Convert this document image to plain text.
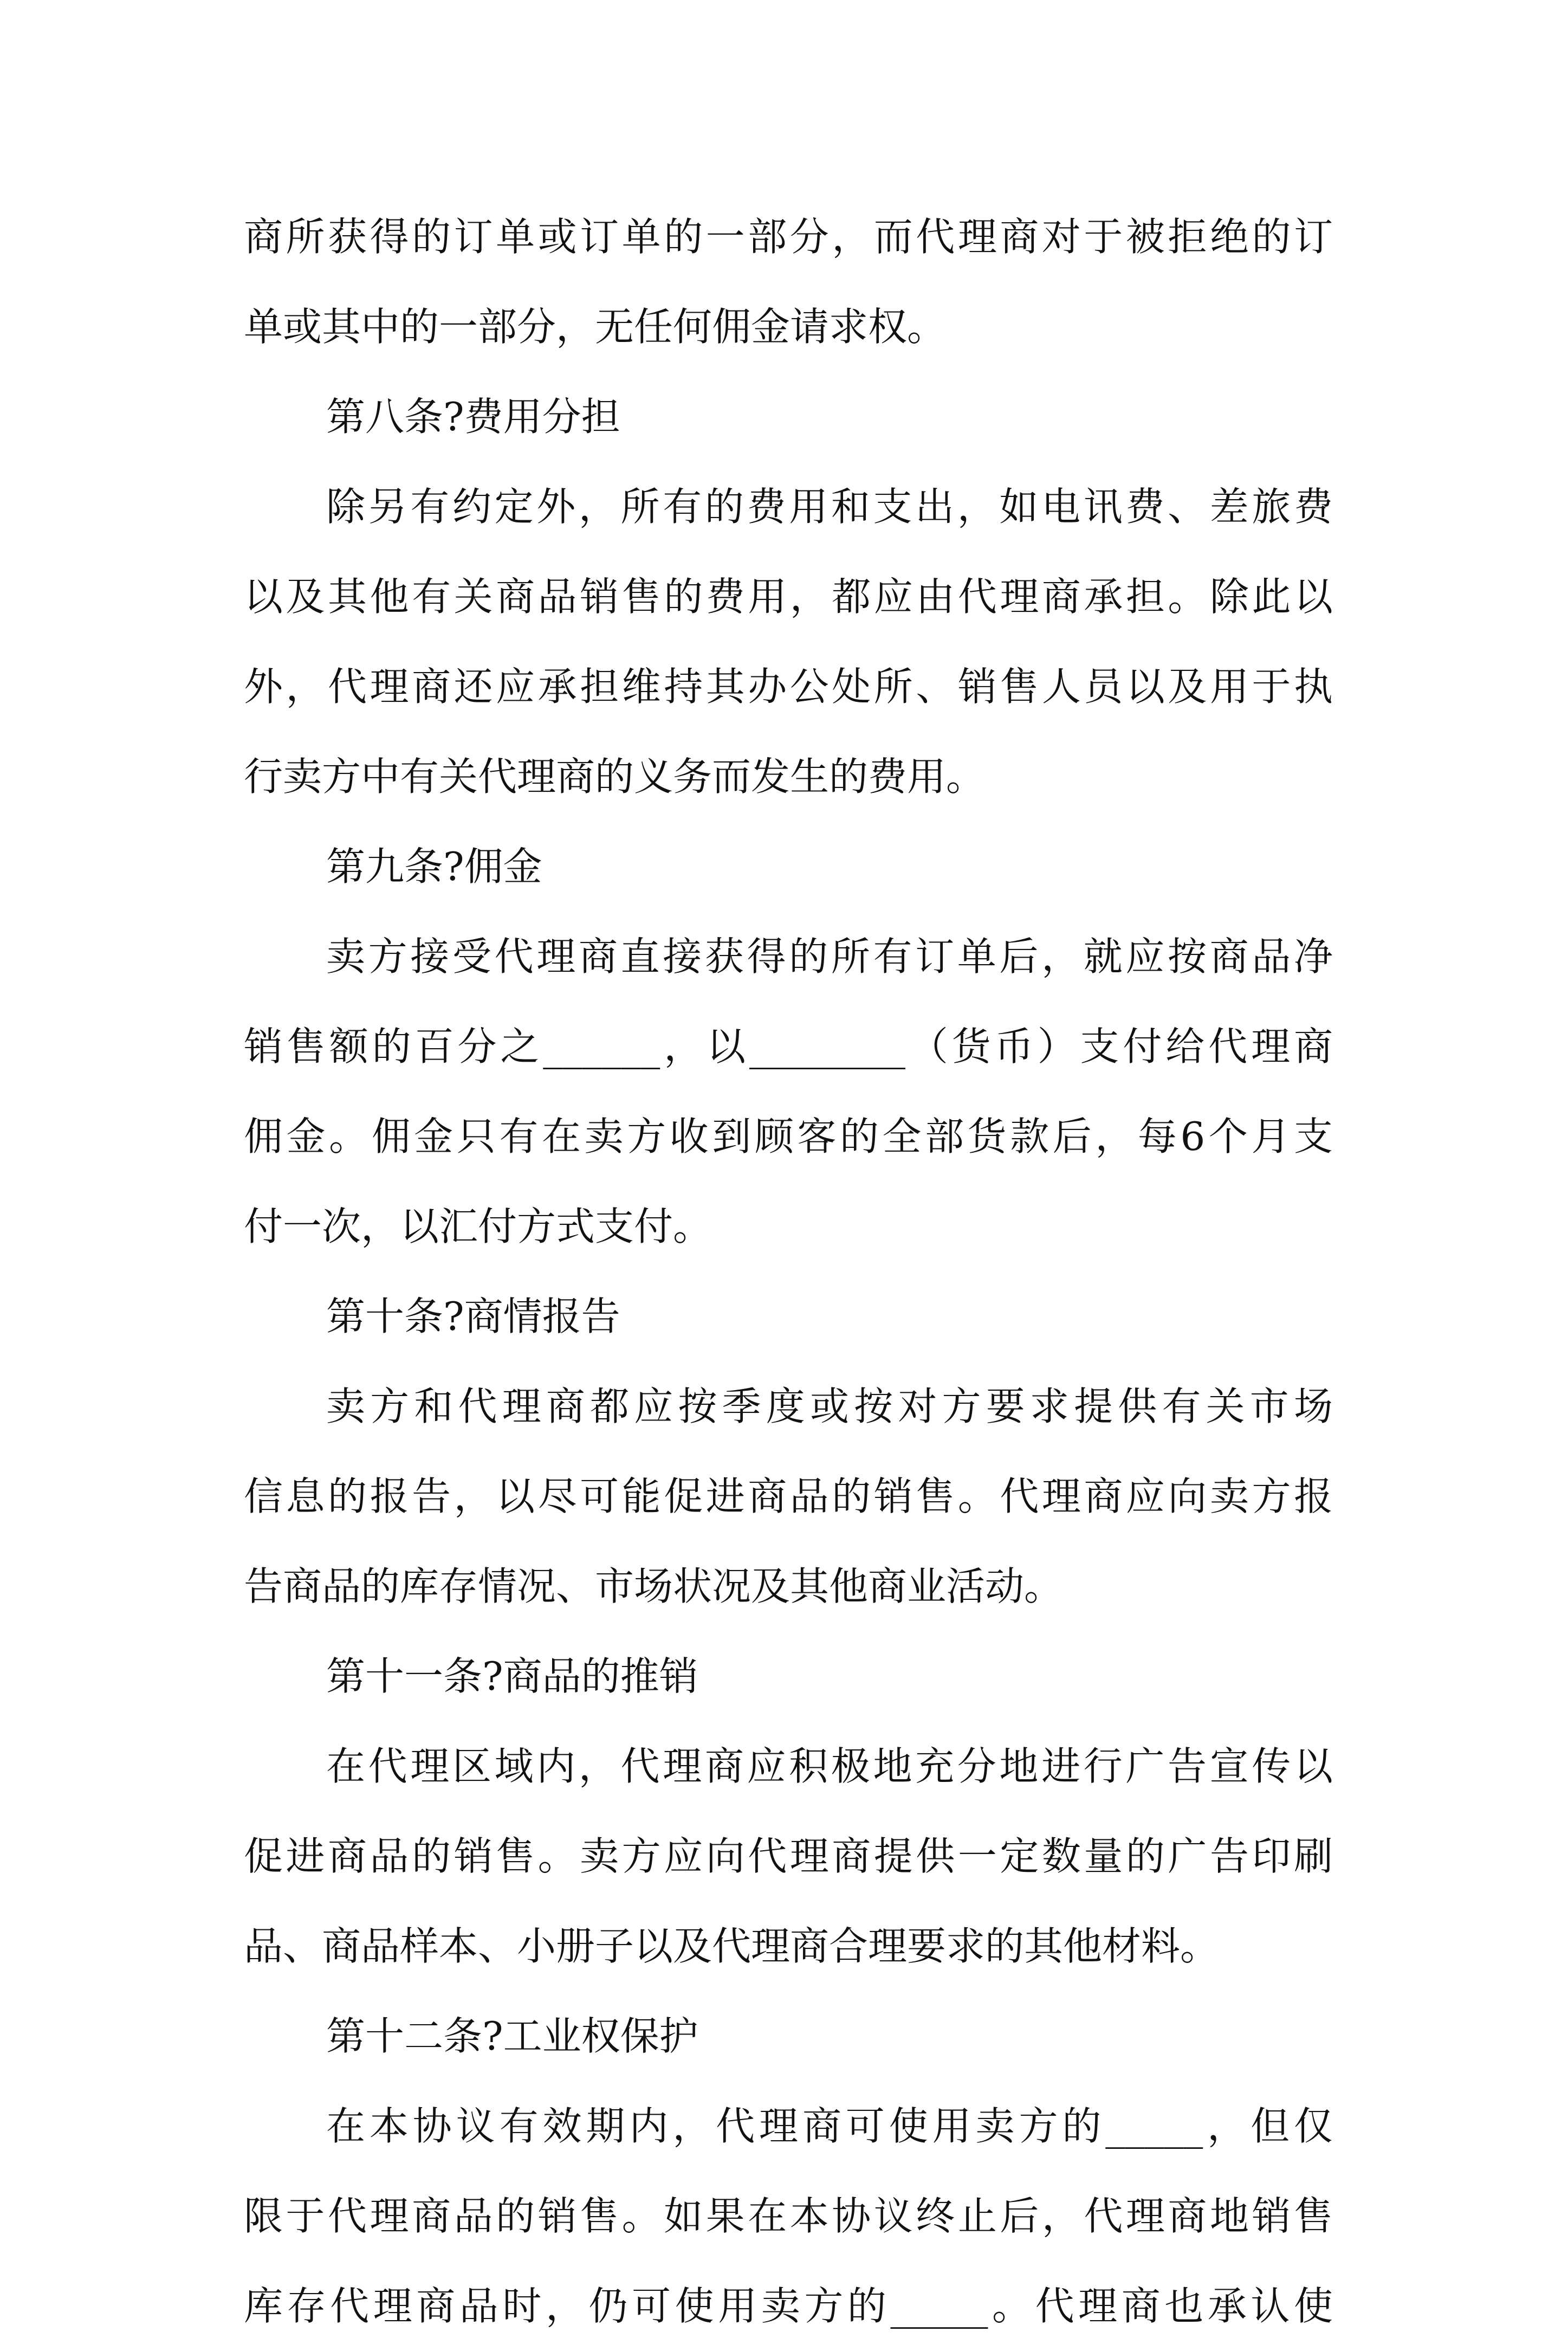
商所获得的订单或订单的一部分，而代理商对于被拒绝的订
单或其中的一部分，无任何佣金请求权。
第八条?费用分担
除另有约定外，所有的费用和支出，如电讯费、差旅费
以及其他有关商品销售的费用，都应由代理商承担。除此以
外，代理商还应承担维持其办公处所、销售人员以及用于执
行卖方中有关代理商的义务而发生的费用。
第九条?佣金
卖方接受代理商直接获得的所有订单后，就应按商品净
销售额的百分之______，以________（货币）支付给代理商
佣金。佣金只有在卖方收到顾客的全部货款后，每6个月支
付一次，以汇付方式支付。
第十条?商情报告
卖方和代理商都应按季度或按对方要求提供有关市场
信息的报告，以尽可能促进商品的销售。代理商应向卖方报
告商品的库存情况、市场状况及其他商业活动。
第十一条?商品的推销
在代理区域内，代理商应积极地充分地进行广告宣传以
促进商品的销售。卖方应向代理商提供一定数量的广告印刷
品、商品样本、小册子以及代理商合理要求的其他材料。
第十二条?工业权保护
在本协议有效期内，代理商可使用卖方的_____，但仅
限于代理商品的销售。如果在本协议终止后，代理商地销售
库存代理商品时，仍可使用卖方的_____。代理商也承认使
